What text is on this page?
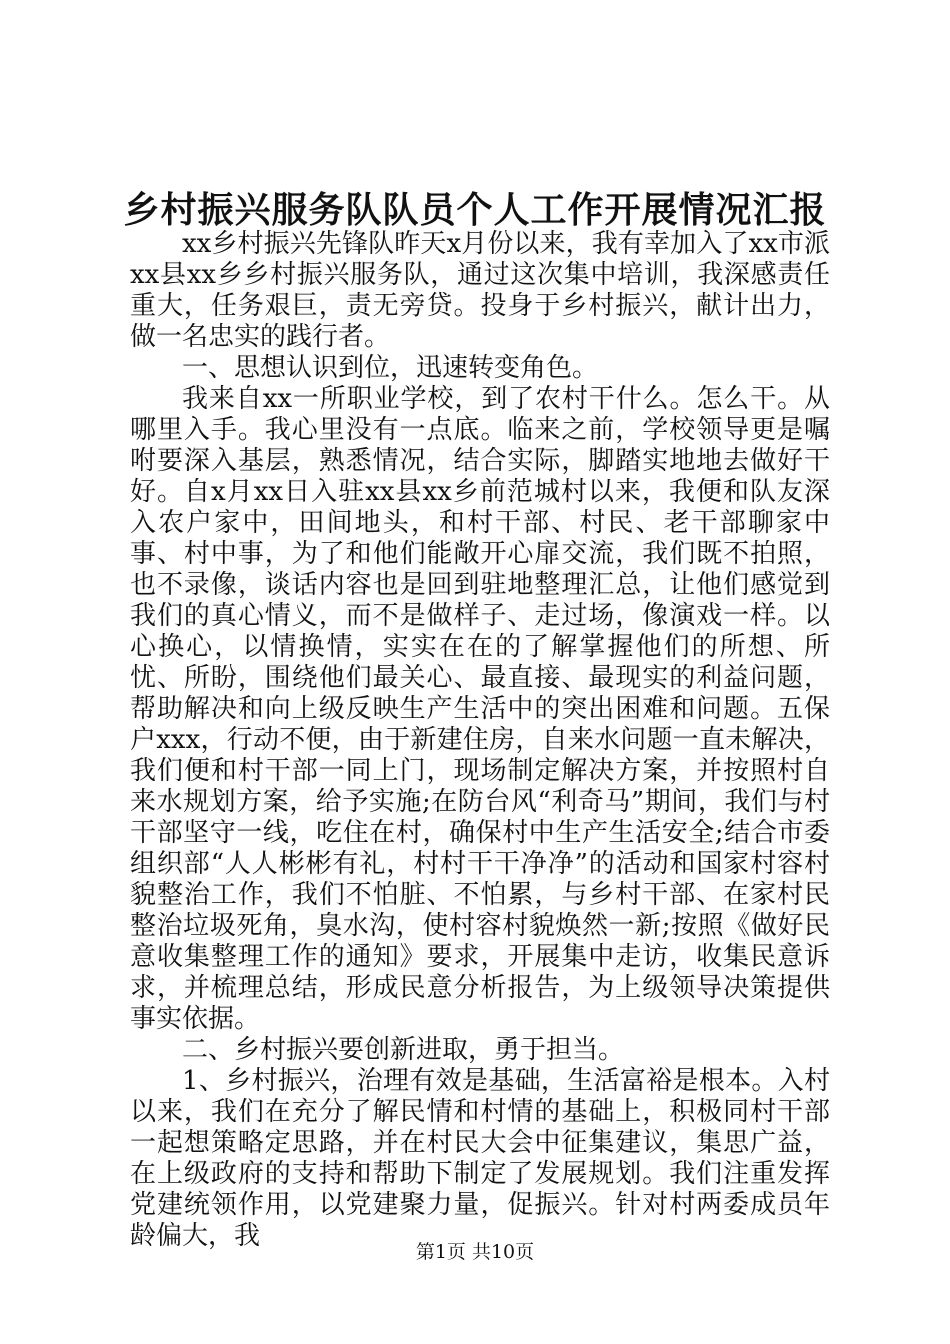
乡村振兴服务队队员个人工作开展情况汇报

xx乡村振兴先锋队昨天x月份以来，我有幸加入了xx市派xx县xx乡乡村振兴服务队，通过这次集中培训，我深感责任重大，任务艰巨，责无旁贷。投身于乡村振兴，献计出力，做一名忠实的践行者。

一、思想认识到位，迅速转变角色。

我来自xx一所职业学校，到了农村干什么。怎么干。从哪里入手。我心里没有一点底。临来之前，学校领导更是嘱咐要深入基层，熟悉情况，结合实际，脚踏实地地去做好干好。自x月xx日入驻xx县xx乡前范城村以来，我便和队友深入农户家中，田间地头，和村干部、村民、老干部聊家中事、村中事，为了和他们能敞开心扉交流，我们既不拍照，也不录像，谈话内容也是回到驻地整理汇总，让他们感觉到我们的真心情义，而不是做样子、走过场，像演戏一样。以心换心，以情换情，实实在在的了解掌握他们的所想、所忧、所盼，围绕他们最关心、最直接、最现实的利益问题，帮助解决和向上级反映生产生活中的突出困难和问题。五保户xxx，行动不便，由于新建住房，自来水问题一直未解决，我们便和村干部一同上门，现场制定解决方案，并按照村自来水规划方案，给予实施;在防台风“利奇马”期间，我们与村干部坚守一线，吃住在村，确保村中生产生活安全;结合市委组织部“人人彬彬有礼，村村干干净净”的活动和国家村容村貌整治工作，我们不怕脏、不怕累，与乡村干部、在家村民整治垃圾死角，臭水沟，使村容村貌焕然一新;按照《做好民意收集整理工作的通知》要求，开展集中走访，收集民意诉求，并梳理总结，形成民意分析报告，为上级领导决策提供事实依据。

二、乡村振兴要创新进取，勇于担当。

1、乡村振兴，治理有效是基础，生活富裕是根本。入村以来，我们在充分了解民情和村情的基础上，积极同村干部一起想策略定思路，并在村民大会中征集建议，集思广益，在上级政府的支持和帮助下制定了发展规划。我们注重发挥党建统领作用，以党建聚力量，促振兴。针对村两委成员年龄偏大，我

第1页 共10页
